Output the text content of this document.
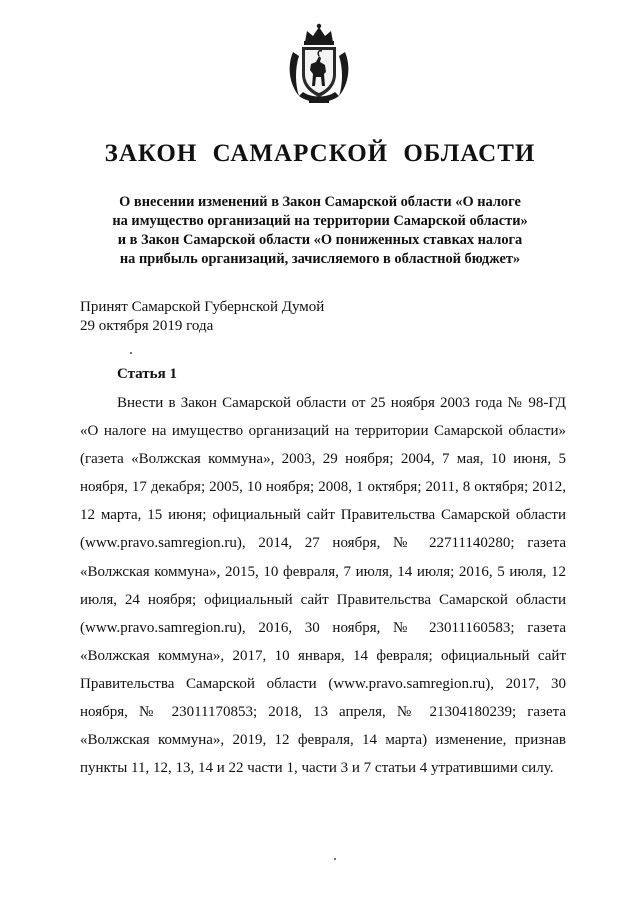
ЗАКОН САМАРСКОЙ ОБЛАСТИ
О внесении изменений в Закон Самарской области «О налоге
на имущество организаций на территории Самарской области»
и в Закон Самарской области «О пониженных ставках налога
на прибыль организаций, зачисляемого в областной бюджет»
Принят Самарской Губернской Думой
29 октября 2019 года
Статья 1
Внести в Закон Самарской области от 25 ноября 2003 года № 98-ГД «О налоге на имущество организаций на территории Самарской области» (газета «Волжская коммуна», 2003, 29 ноября; 2004, 7 мая, 10 июня, 5 ноября, 17 декабря; 2005, 10 ноября; 2008, 1 октября; 2011, 8 октября; 2012, 12 марта, 15 июня; официальный сайт Правительства Самарской области (www.pravo.samregion.ru), 2014, 27 ноября, № 22711140280; газета «Волжская коммуна», 2015, 10 февраля, 7 июля, 14 июля; 2016, 5 июля, 12 июля, 24 ноября; официальный сайт Правительства Самарской области (www.pravo.samregion.ru), 2016, 30 ноября, № 23011160583; газета «Волжская коммуна», 2017, 10 января, 14 февраля; официальный сайт Правительства Самарской области (www.pravo.samregion.ru), 2017, 30 ноября, № 23011170853; 2018, 13 апреля, № 21304180239; газета «Волжская коммуна», 2019, 12 февраля, 14 марта) изменение, признав пункты 11, 12, 13, 14 и 22 части 1, части 3 и 7 статьи 4 утратившими силу.
